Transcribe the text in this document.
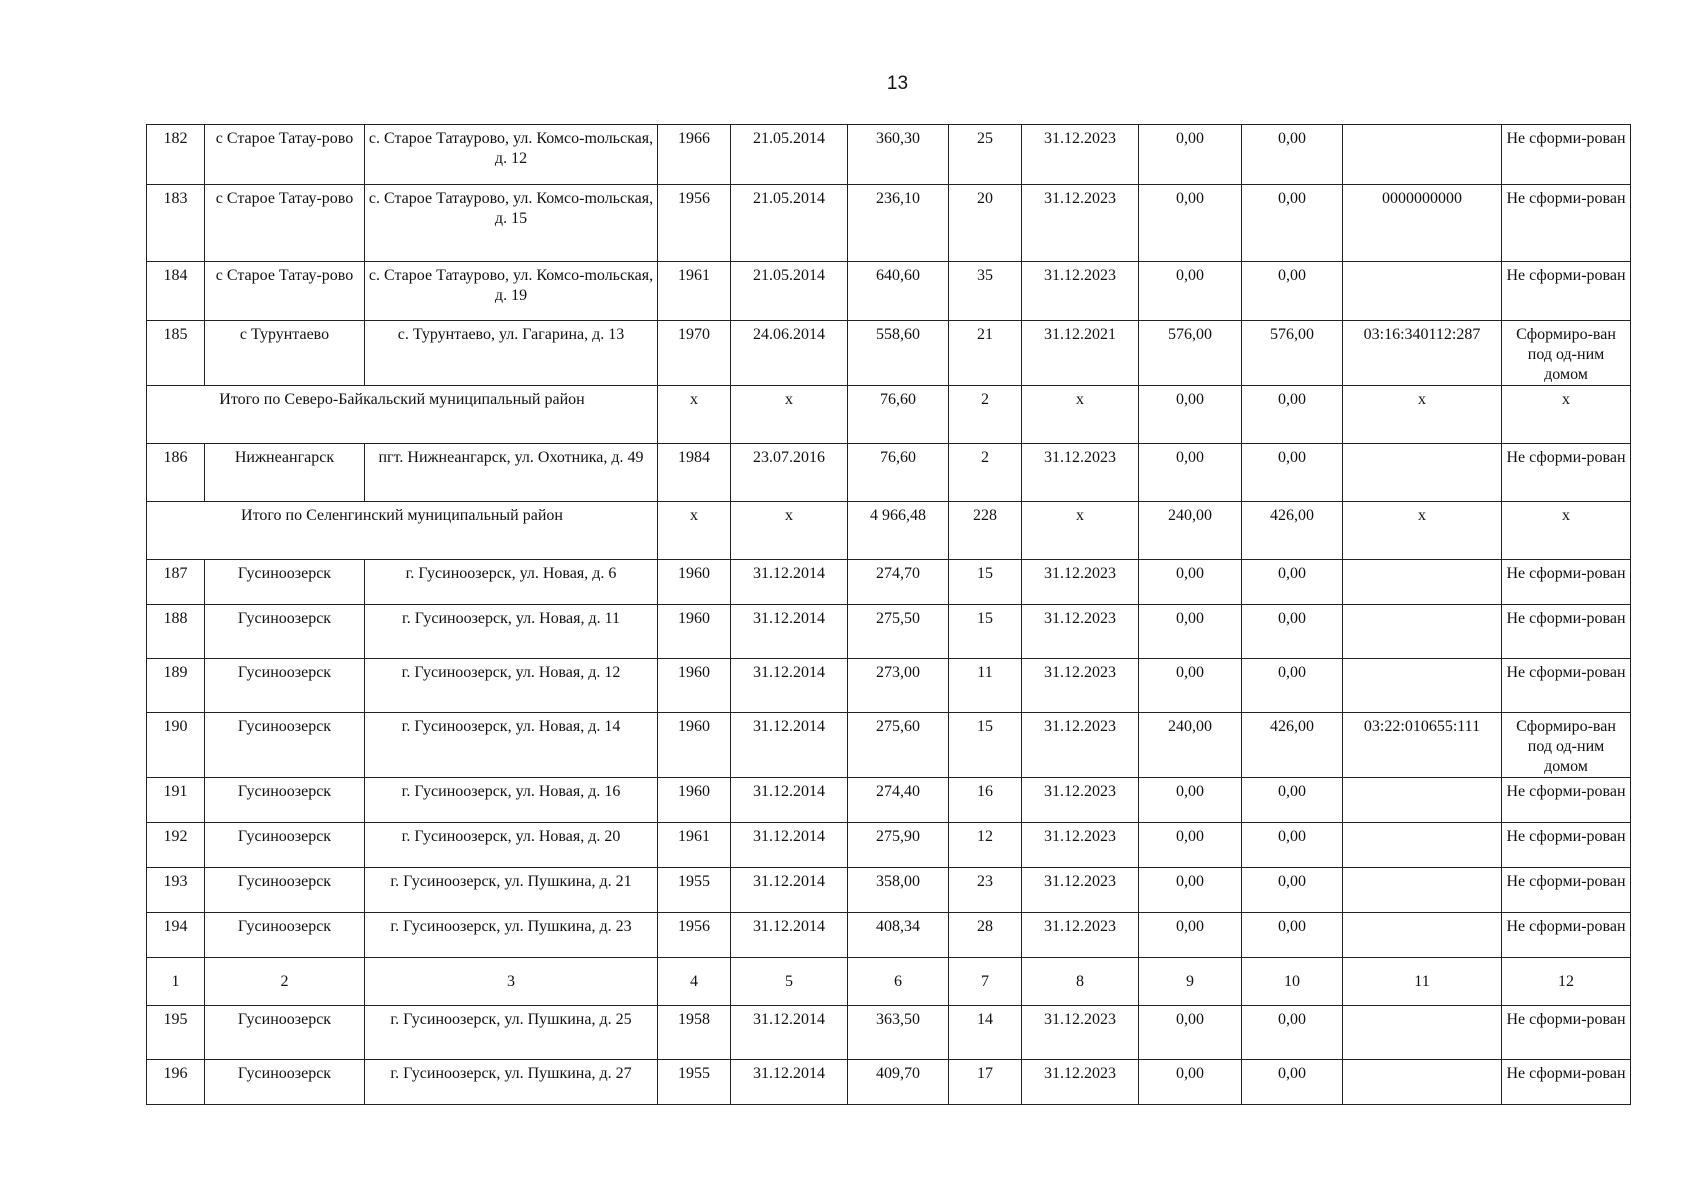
13
182	с Старое Татау-рово	с. Старое Татаурово, ул. Комсо-mольская, д. 12	1966	21.05.2014	360,30	25	31.12.2023	0,00	0,00		Не сформи-рован
183	с Старое Татау-рово	с. Старое Татаурово, ул. Комсо-mольская, д. 15	1956	21.05.2014	236,10	20	31.12.2023	0,00	0,00	0000000000	Не сформи-рован
184	с Старое Татау-рово	с. Старое Татаурово, ул. Комсо-mольская, д. 19	1961	21.05.2014	640,60	35	31.12.2023	0,00	0,00		Не сформи-рован
185	с Турунтаево	с. Турунтаево, ул. Гагарина, д. 13	1970	24.06.2014	558,60	21	31.12.2021	576,00	576,00	03:16:340112:287	Сформиро-ван под од-ним домом
Итого по Северо-Байкальский муниципальный район			х	х	76,60	2	х	0,00	0,00	х	х
186	Нижнеангарск	пгт. Нижнеангарск, ул. Охотника, д. 49	1984	23.07.2016	76,60	2	31.12.2023	0,00	0,00		Не сформи-рован
Итого по Селенгинский муниципальный район			х	х	4 966,48	228	х	240,00	426,00	х	х
187	Гусиноозерск	г. Гусиноозерск, ул. Новая, д. 6	1960	31.12.2014	274,70	15	31.12.2023	0,00	0,00		Не сформи-рован
188	Гусиноозерск	г. Гусиноозерск, ул. Новая, д. 11	1960	31.12.2014	275,50	15	31.12.2023	0,00	0,00		Не сформи-рован
189	Гусиноозерск	г. Гусиноозерск, ул. Новая, д. 12	1960	31.12.2014	273,00	11	31.12.2023	0,00	0,00		Не сформи-рован
190	Гусиноозерск	г. Гусиноозерск, ул. Новая, д. 14	1960	31.12.2014	275,60	15	31.12.2023	240,00	426,00	03:22:010655:111	Сформиро-ван под од-ним домом
191	Гусиноозерск	г. Гусиноозерск, ул. Новая, д. 16	1960	31.12.2014	274,40	16	31.12.2023	0,00	0,00		Не сформи-рован
192	Гусиноозерск	г. Гусиноозерск, ул. Новая, д. 20	1961	31.12.2014	275,90	12	31.12.2023	0,00	0,00		Не сформи-рован
193	Гусиноозерск	г. Гусиноозерск, ул. Пушкина, д. 21	1955	31.12.2014	358,00	23	31.12.2023	0,00	0,00		Не сформи-рован
194	Гусиноозерск	г. Гусиноозерск, ул. Пушкина, д. 23	1956	31.12.2014	408,34	28	31.12.2023	0,00	0,00		Не сформи-рован
1	2	3	4	5	6	7	8	9	10	11	12
195	Гусиноозерск	г. Гусиноозерск, ул. Пушкина, д. 25	1958	31.12.2014	363,50	14	31.12.2023	0,00	0,00		Не сформи-рован
196	Гусиноозерск	г. Гусиноозерск, ул. Пушкина, д. 27	1955	31.12.2014	409,70	17	31.12.2023	0,00	0,00		Не сформи-рован
